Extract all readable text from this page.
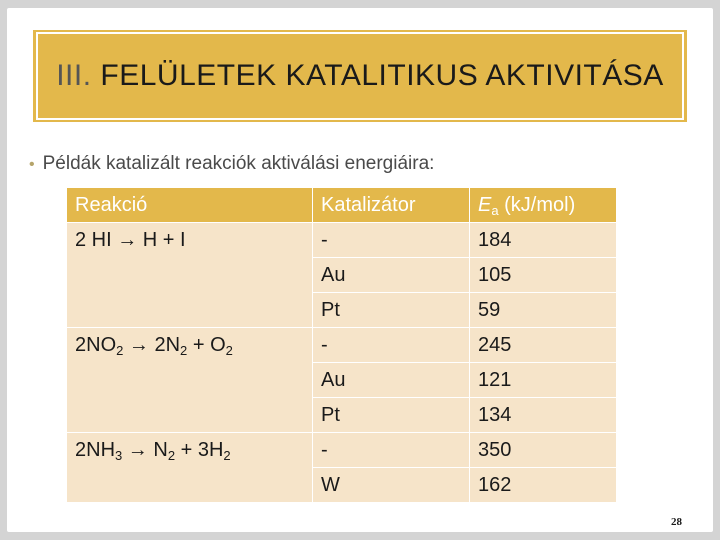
III. FELÜLETEK KATALITIKUS AKTIVITÁSA
• Példák katalizált reakciók aktiválási energiáira:
Reakció	Katalizátor	$E_a$ (kJ/mol)
2 HI → H + I	-	184
	Au	105
	Pt	59
$2NO_2 \to 2N_2 + O_2$	-	245
	Au	121
	Pt	134
$2NH_3 \to N_2 + 3H_2$	-	350
	W	162
28
